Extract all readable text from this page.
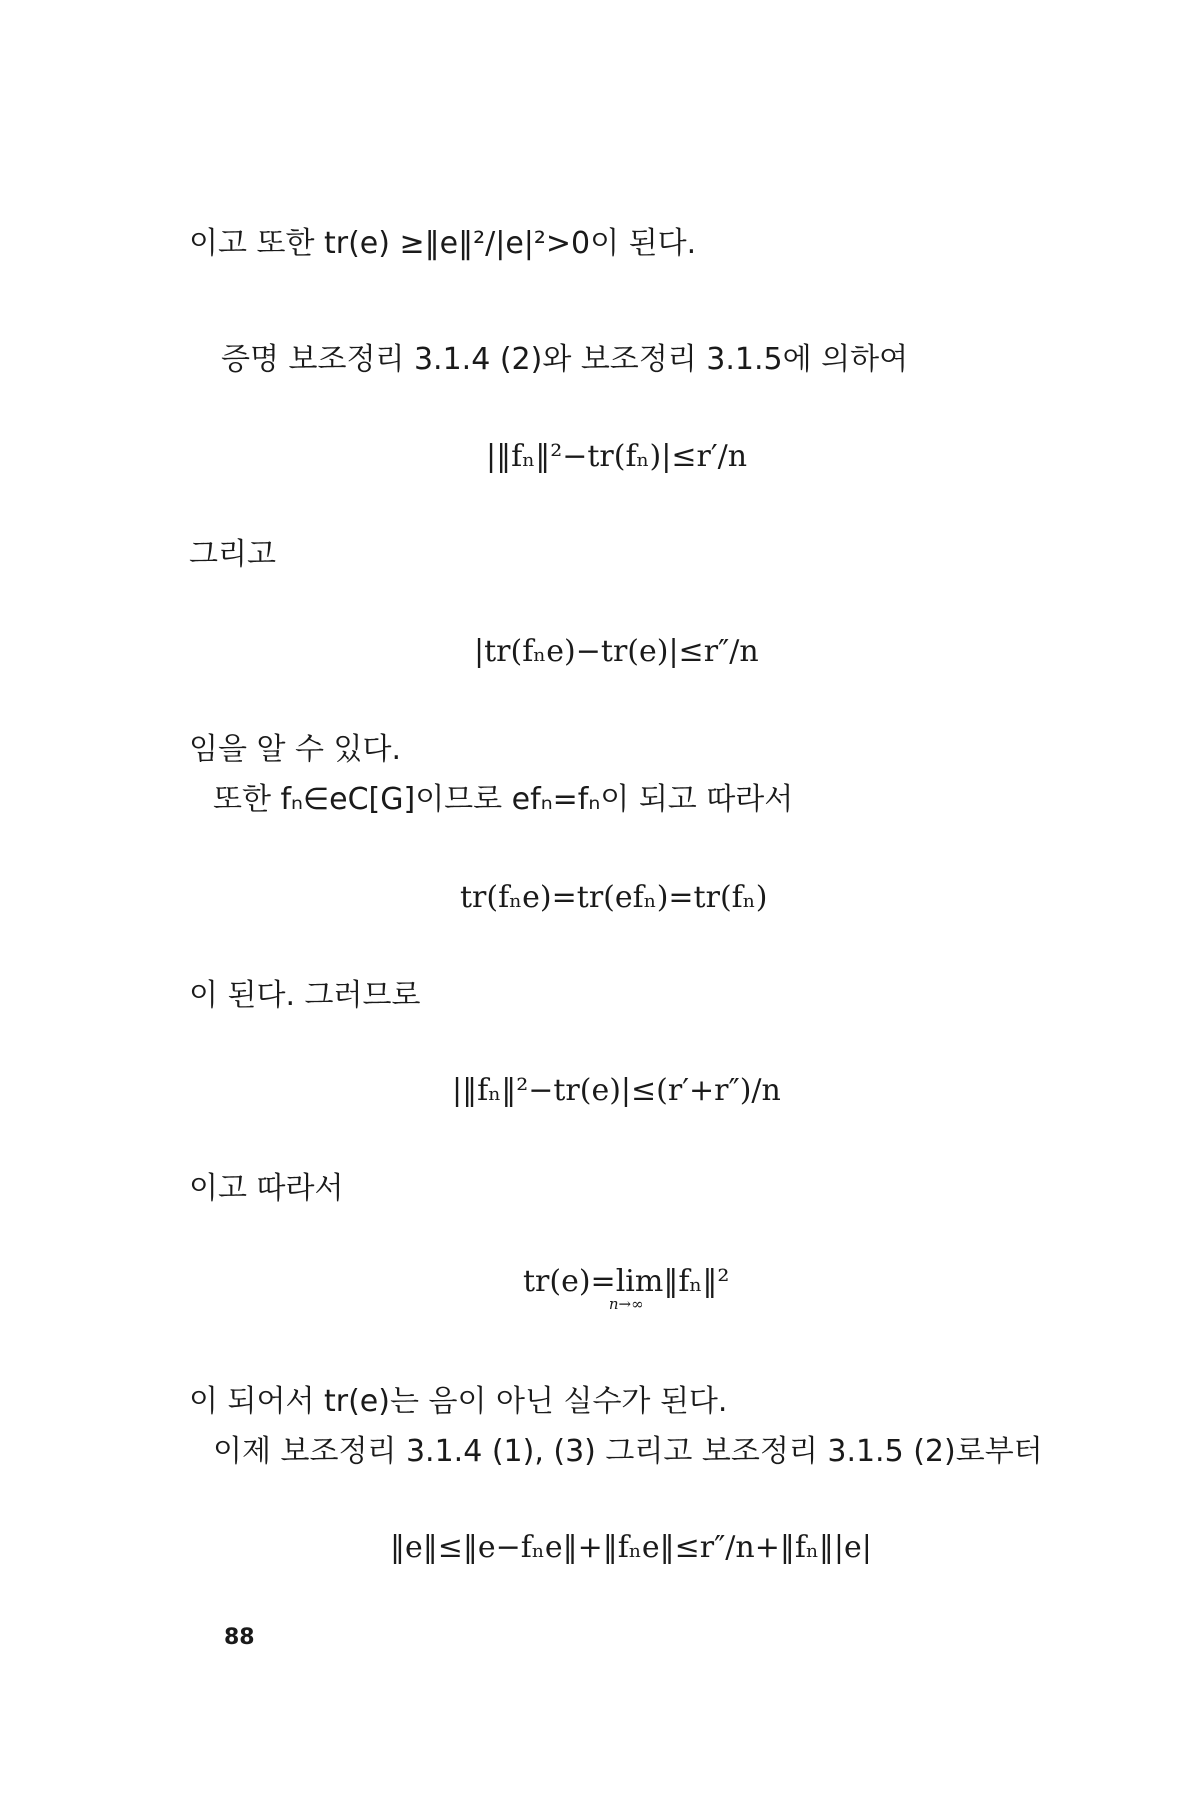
이고 또한 tr(e) ≥‖e‖²/|e|²>0이 된다.
증명 보조정리 3.1.4 (2)와 보조정리 3.1.5에 의하여
|‖fₙ‖²−tr(fₙ)|≤r′/n
그리고
|tr(fₙe)−tr(e)|≤r″/n
임을 알 수 있다.
또한 fₙ∈eC[G]이므로 efₙ=fₙ이 되고 따라서
tr(fₙe)=tr(efₙ)=tr(fₙ)
이 된다. 그러므로
|‖fₙ‖²−tr(e)|≤(r′+r″)/n
이고 따라서
tr(e)=lim‖fₙ‖²
n→∞
이 되어서 tr(e)는 음이 아닌 실수가 된다.
이제 보조정리 3.1.4 (1), (3) 그리고 보조정리 3.1.5 (2)로부터
‖e‖≤‖e−fₙe‖+‖fₙe‖≤r″/n+‖fₙ‖|e|
88
